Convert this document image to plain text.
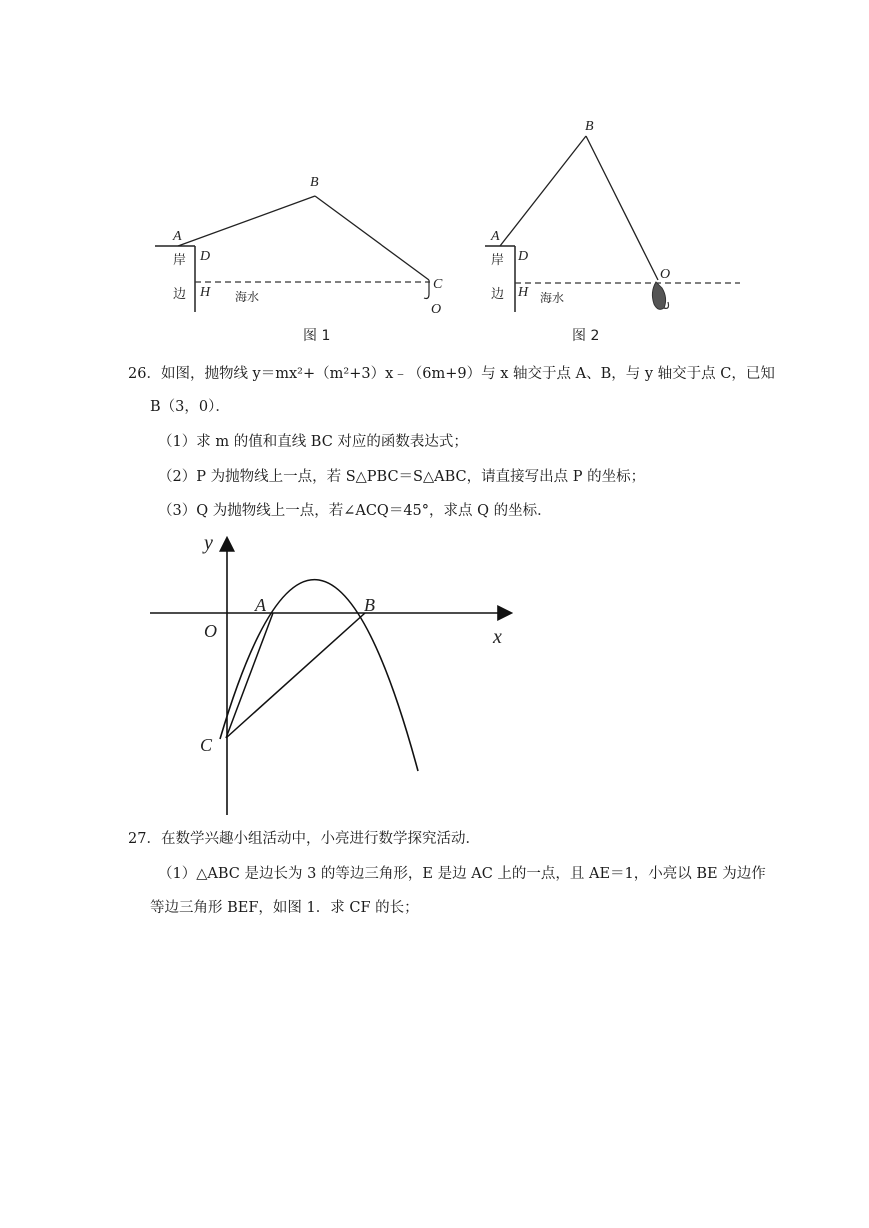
A
B
C
D
H
O
岸
边	海水
图 1
A
B
D
H
O
岸
边	海水
图 2
26．如图，抛物线 y＝mx²+（m²+3）x﹣（6m+9）与 x 轴交于点 A、B，与 y 轴交于点 C，已知
B（3，0）．
（1）求 m 的值和直线 BC 对应的函数表达式；
（2）P 为抛物线上一点，若 S△PBC＝S△ABC，请直接写出点 P 的坐标；
（3）Q 为抛物线上一点，若∠ACQ＝45°，求点 Q 的坐标．
y
x
O
A	B
C
27．在数学兴趣小组活动中，小亮进行数学探究活动．
（1）△ABC 是边长为 3 的等边三角形，E 是边 AC 上的一点，且 AE＝1，小亮以 BE 为边作
等边三角形 BEF，如图 1．求 CF 的长；
